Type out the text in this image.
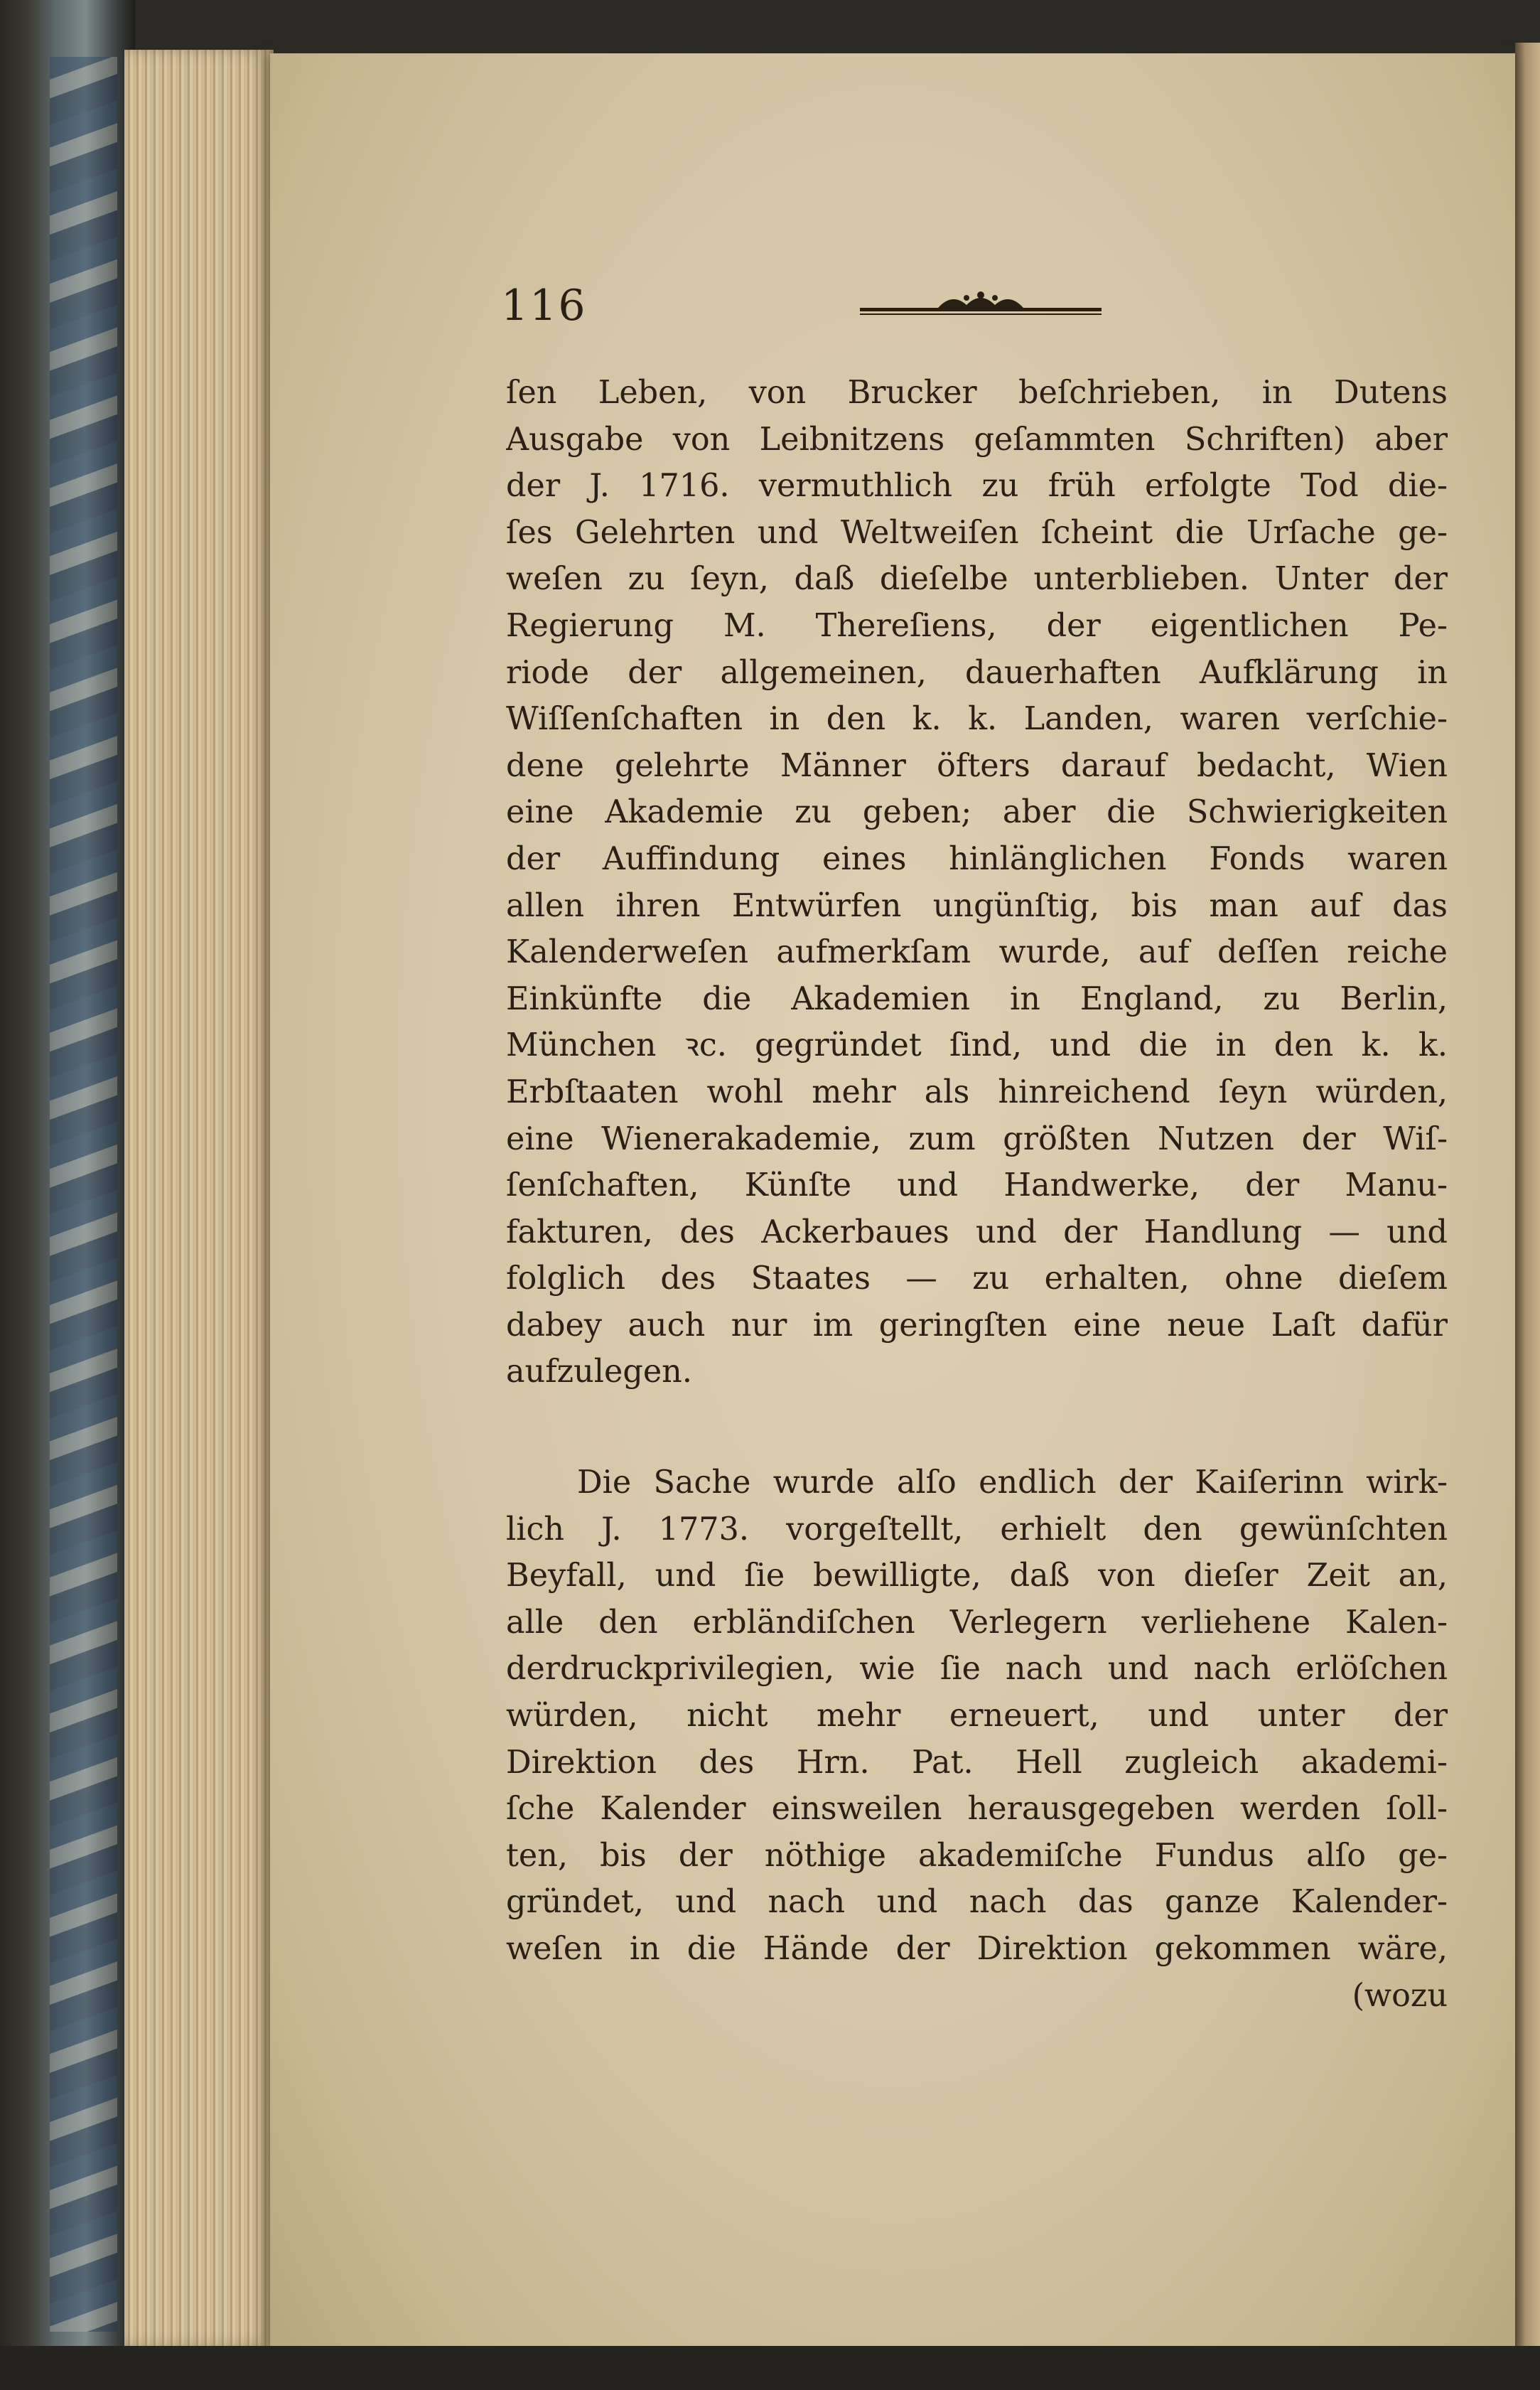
116
ſen Leben, von Brucker beſchrieben, in Dutens
Ausgabe von Leibnitzens geſammten Schriften) aber
der J. 1716. vermuthlich zu früh erfolgte Tod die-
ſes Gelehrten und Weltweiſen ſcheint die Urſache ge-
weſen zu ſeyn, daß dieſelbe unterblieben. Unter der
Regierung M. Thereſiens, der eigentlichen Pe-
riode der allgemeinen, dauerhaften Aufklärung in
Wiſſenſchaften in den k. k. Landen, waren verſchie-
dene gelehrte Männer öfters darauf bedacht, Wien
eine Akademie zu geben; aber die Schwierigkeiten
der Auffindung eines hinlänglichen Fonds waren
allen ihren Entwürfen ungünſtig, bis man auf das
Kalenderweſen aufmerkſam wurde, auf deſſen reiche
Einkünfte die Akademien in England, zu Berlin,
München ꝛc. gegründet ſind, und die in den k. k.
Erbſtaaten wohl mehr als hinreichend ſeyn würden,
eine Wienerakademie, zum größten Nutzen der Wiſ-
ſenſchaften, Künſte und Handwerke, der Manu-
fakturen, des Ackerbaues und der Handlung — und
folglich des Staates — zu erhalten, ohne dieſem
dabey auch nur im geringſten eine neue Laſt dafür
aufzulegen.
Die Sache wurde alſo endlich der Kaiſerinn wirk-
lich J. 1773. vorgeſtellt, erhielt den gewünſchten
Beyfall, und ſie bewilligte, daß von dieſer Zeit an,
alle den erbländiſchen Verlegern verliehene Kalen-
derdruckprivilegien, wie ſie nach und nach erlöſchen
würden, nicht mehr erneuert, und unter der
Direktion des Hrn. Pat. Hell zugleich akademi-
ſche Kalender einsweilen herausgegeben werden ſoll-
ten, bis der nöthige akademiſche Fundus alſo ge-
gründet, und nach und nach das ganze Kalender-
weſen in die Hände der Direktion gekommen wäre,
(wozu
